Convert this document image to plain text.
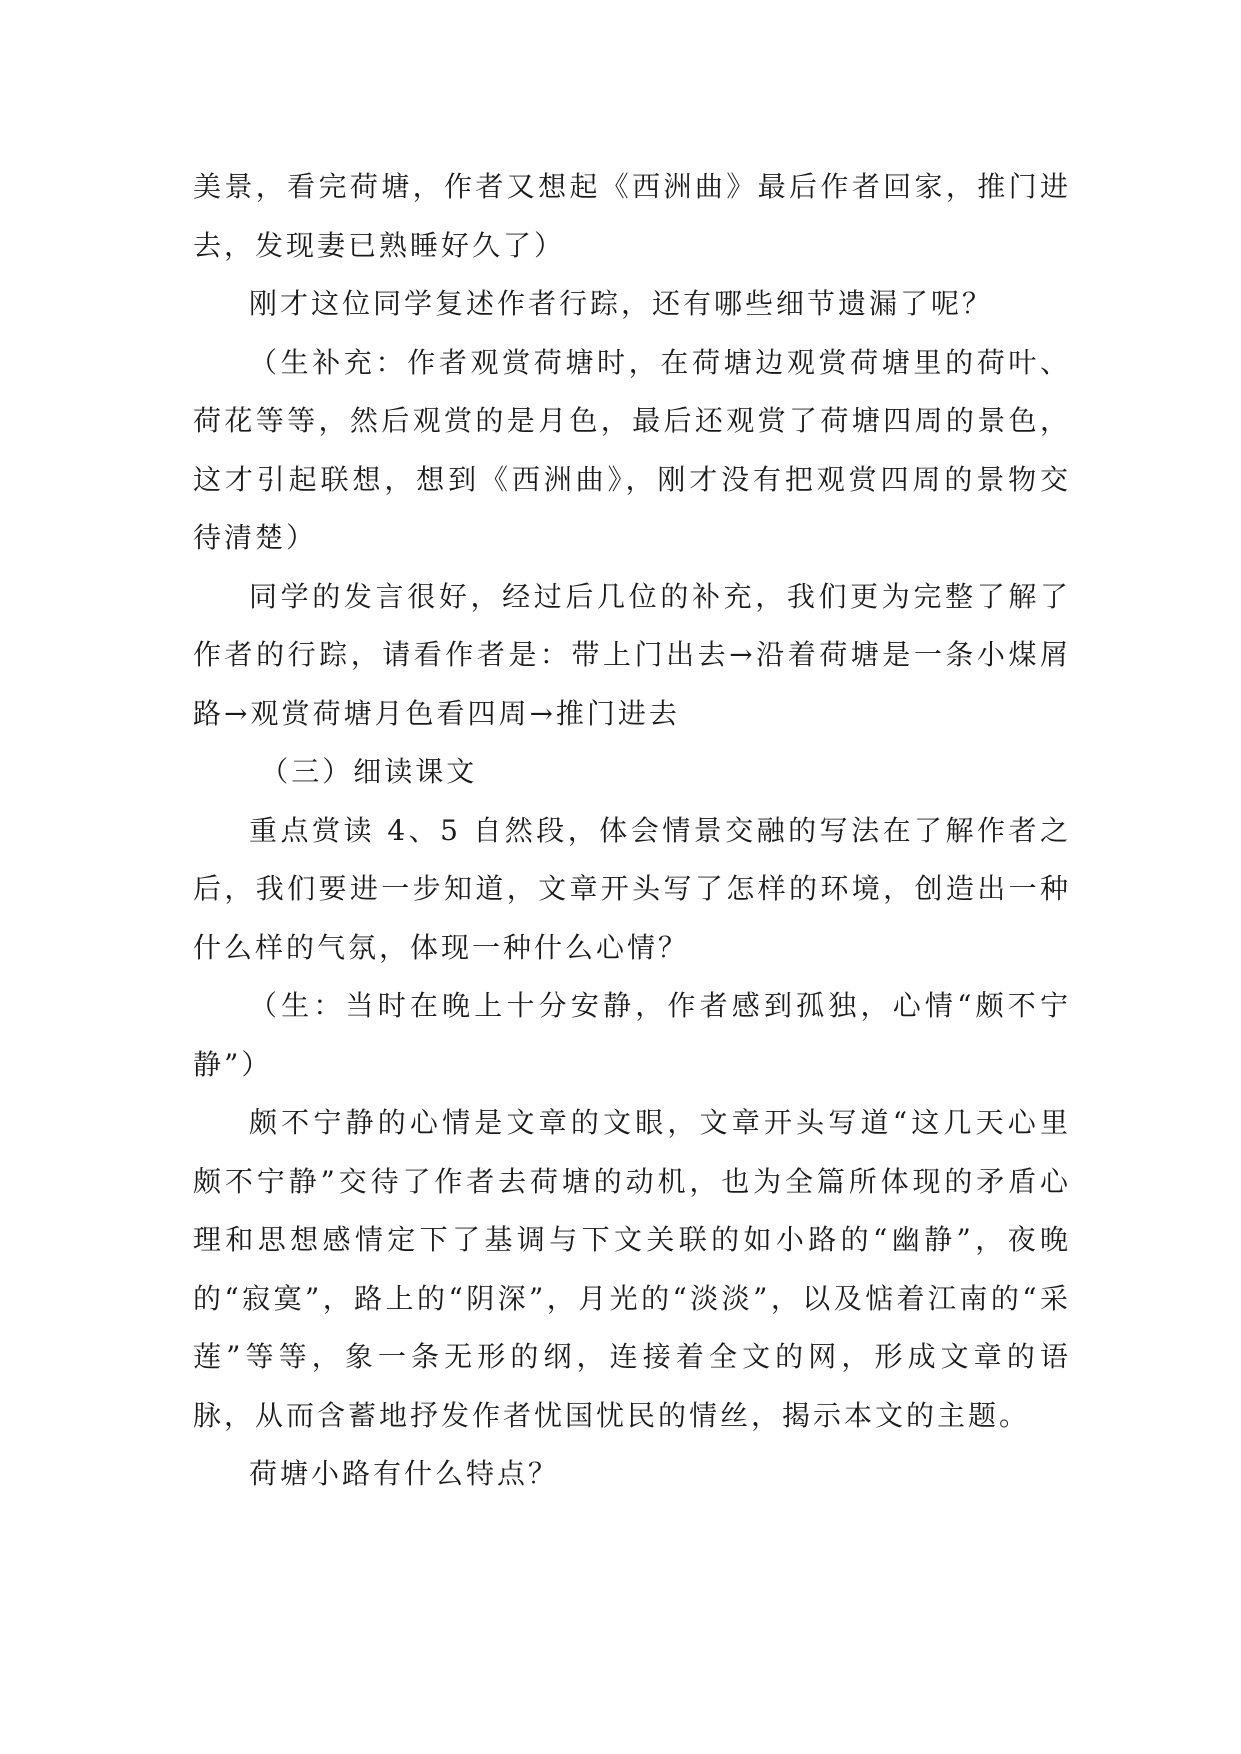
美景，看完荷塘，作者又想起《西洲曲》最后作者回家，推门进去，发现妻已熟睡好久了）

刚才这位同学复述作者行踪，还有哪些细节遗漏了呢？

（生补充：作者观赏荷塘时，在荷塘边观赏荷塘里的荷叶、荷花等等，然后观赏的是月色，最后还观赏了荷塘四周的景色，这才引起联想，想到《西洲曲》，刚才没有把观赏四周的景物交待清楚）

同学的发言很好，经过后几位的补充，我们更为完整了解了作者的行踪，请看作者是：带上门出去→沿着荷塘是一条小煤屑路→观赏荷塘月色看四周→推门进去

（三）细读课文

重点赏读 4、5 自然段，体会情景交融的写法在了解作者之后，我们要进一步知道，文章开头写了怎样的环境，创造出一种什么样的气氛，体现一种什么心情？

（生：当时在晚上十分安静，作者感到孤独，心情“颇不宁静”）

颇不宁静的心情是文章的文眼，文章开头写道“这几天心里颇不宁静”交待了作者去荷塘的动机，也为全篇所体现的矛盾心理和思想感情定下了基调与下文关联的如小路的“幽静”，夜晚的“寂寞”，路上的“阴深”，月光的“淡淡”，以及惦着江南的“采莲”等等，象一条无形的纲，连接着全文的网，形成文章的语脉，从而含蓄地抒发作者忧国忧民的情丝，揭示本文的主题。

荷塘小路有什么特点？
